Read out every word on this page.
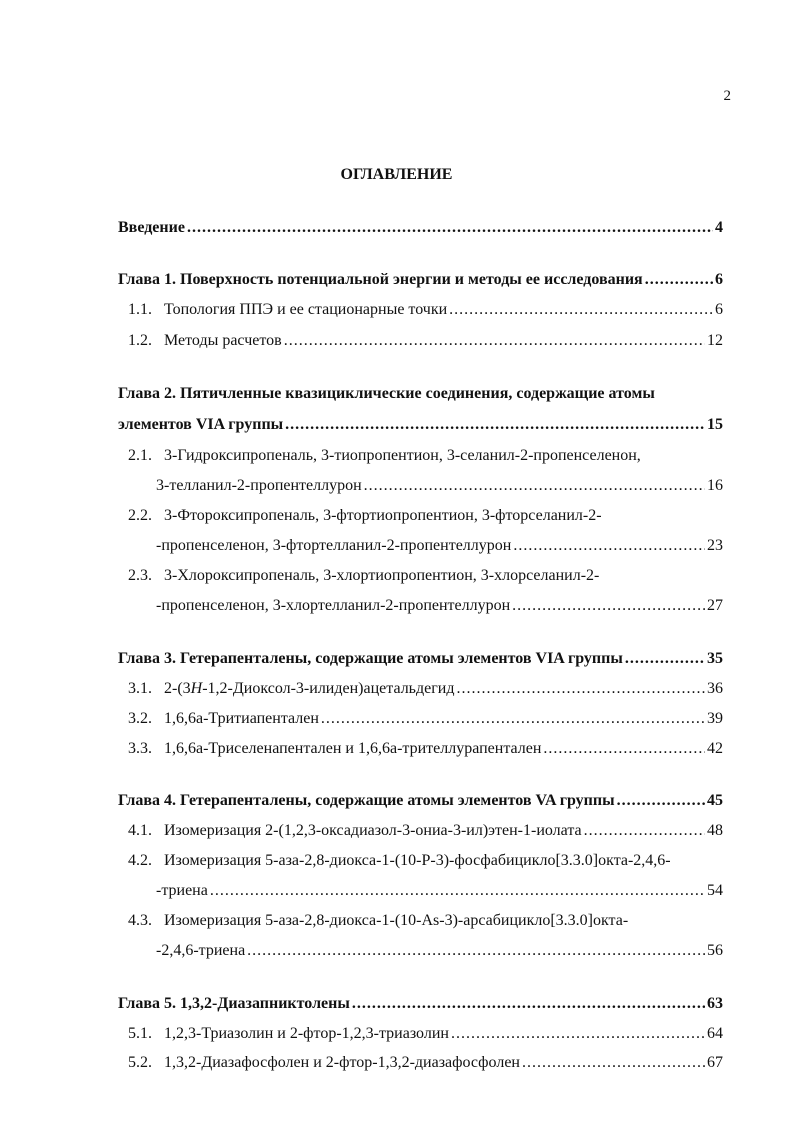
2
ОГЛАВЛЕНИЕ
Введение .....	4
Глава 1. Поверхность потенциальной энергии и методы ее исследования .....	6
1.1. Топология ППЭ и ее стационарные точки .....	6
1.2. Методы расчетов .....	12
Глава 2. Пятичленные квазициклические соединения, содержащие атомы
элементов VIA группы .....	15
2.1. 3-Гидроксипропеналь, 3-тиопропентион, 3-селанил-2-пропенселенон,
3-телланил-2-пропентеллурон .....	16
2.2. 3-Фтороксипропеналь, 3-фтортиопропентион, 3-фторселанил-2-
-пропенселенон, 3-фтортелланил-2-пропентеллурон .....	23
2.3. 3-Хлороксипропеналь, 3-хлортиопропентион, 3-хлорселанил-2-
-пропенселенон, 3-хлортелланил-2-пропентеллурон .....	27
Глава 3. Гетерапенталены, содержащие атомы элементов VIA группы .....	35
3.1. 2-(3H-1,2-Диоксол-3-илиден)ацетальдегид .....	36
3.2. 1,6,6а-Тритиапентален .....	39
3.3. 1,6,6а-Триселенапентален и 1,6,6а-трителлурапентален .....	42
Глава 4. Гетерапенталены, содержащие атомы элементов VA группы .....	45
4.1. Изомеризация 2-(1,2,3-оксадиазол-3-ониа-3-ил)этен-1-иолата .....	48
4.2. Изомеризация 5-аза-2,8-диокса-1-(10-Р-3)-фосфабицикло[3.3.0]окта-2,4,6-
-триена .....	54
4.3. Изомеризация 5-аза-2,8-диокса-1-(10-As-3)-арсабицикло[3.3.0]окта-
-2,4,6-триена .....	56
Глава 5. 1,3,2-Диазапниктолены .....	63
5.1. 1,2,3-Триазолин и 2-фтор-1,2,3-триазолин .....	64
5.2. 1,3,2-Диазафосфолен и 2-фтор-1,3,2-диазафосфолен .....	67
